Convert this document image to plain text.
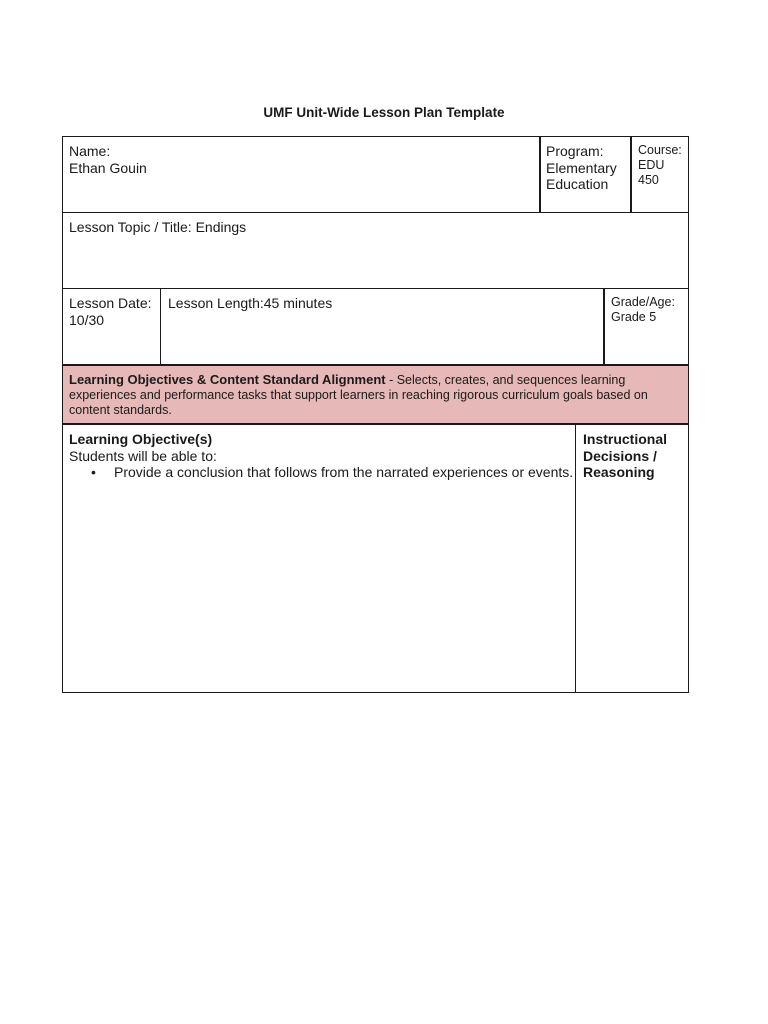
UMF Unit-Wide Lesson Plan Template
Name:
Ethan Gouin
Program:
Elementary
Education
Course:
EDU
450
Lesson Topic / Title: Endings
Lesson Date:
10/30
Lesson Length:45 minutes	Grade/Age:
Grade 5
Learning Objectives & Content Standard Alignment - Selects, creates, and sequences learning
experiences and performance tasks that support learners in reaching rigorous curriculum goals based on
content standards.
Learning Objective(s)
Students will be able to:
• Provide a conclusion that follows from the narrated experiences or events.
Instructional
Decisions /
Reasoning
